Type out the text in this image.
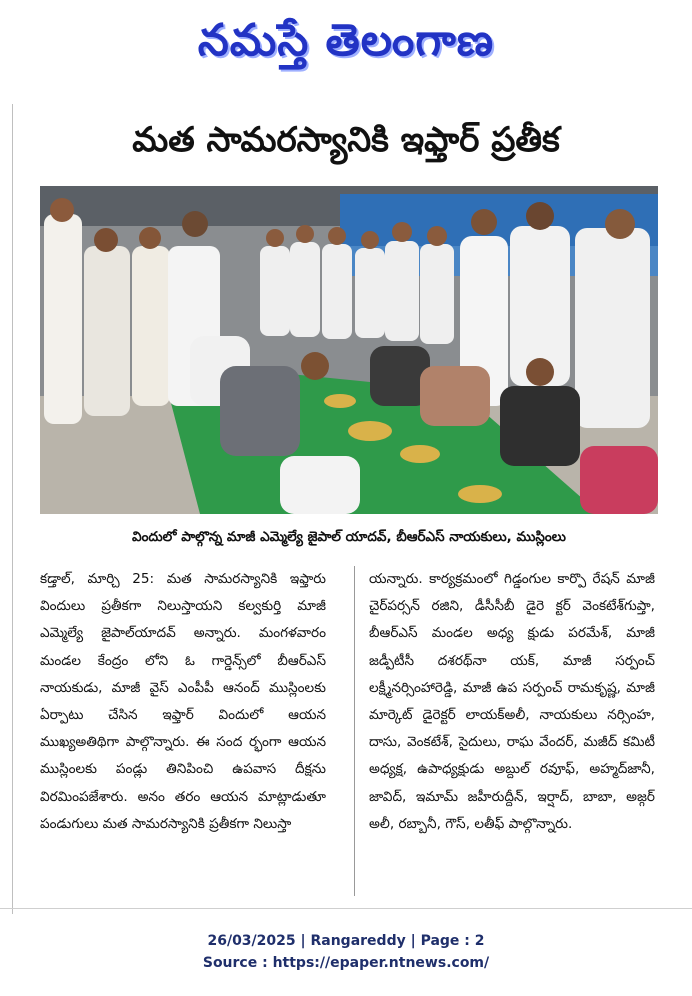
నమస్తే తెలంగాణ
మత సామరస్యానికి ఇఫ్తార్ ప్రతీక
విందులో పాల్గొన్న మాజీ ఎమ్మెల్యే జైపాల్ యాదవ్, బీఆర్ఎస్ నాయకులు, ముస్లింలు
కడ్తాల్, మార్చి 25: మత సామరస్యానికి ఇఫ్తారు విందులు ప్రతీకగా నిలుస్తాయని కల్వకుర్తి మాజీ ఎమ్మెల్యే జైపాల్‌యాదవ్ అన్నారు. మంగళవారం మండల కేంద్రం లోని ఓ గార్డెన్స్‌లో బీఆర్ఎస్ నాయకుడు, మాజీ వైస్ ఎంపీపీ ఆనంద్ ముస్లింలకు ఏర్పాటు చేసిన ఇఫ్తార్ విందులో ఆయన ముఖ్యఅతిథిగా పాల్గొన్నారు. ఈ సంద ర్భంగా ఆయన ముస్లింలకు పండ్లు తినిపించి ఉపవాస దీక్షను విరమింపజేశారు. అనం తరం ఆయన మాట్లాడుతూ పండుగులు మత సామరస్యానికి ప్రతీకగా నిలుస్తా
యన్నారు. కార్యక్రమంలో గిడ్డంగుల కార్పొ రేషన్ మాజీ చైర్‌పర్సన్ రజిని, డీసీసీబీ డైరె క్టర్ వెంకటేశ్‌గుప్తా, బీఆర్ఎస్ మండల అధ్య క్షుడు పరమేశ్, మాజీ జడ్పీటీసీ దశరథ్‌నా యక్, మాజీ సర్పంచ్ లక్ష్మీనర్సింహారెడ్డి, మాజీ ఉప సర్పంచ్ రామకృష్ణ, మాజీ మార్కెట్ డైరెక్టర్ లాయక్‌అలీ, నాయకులు నర్సింహ, దాసు, వెంకటేశ్, సైదులు, రాఘ వేందర్, మజీద్ కమిటీ అధ్యక్ష, ఉపాధ్యక్షుడు అబ్దుల్ రవూఫ్, అహ్మద్‌జానీ, జావిద్, ఇమామ్ జహీరుద్దీన్, ఇర్షాద్, బాబా, అజ్గర్ అలీ, రబ్బానీ, గౌస్, లతీఫ్ పాల్గొన్నారు.
26/03/2025 | Rangareddy | Page : 2
Source : https://epaper.ntnews.com/
